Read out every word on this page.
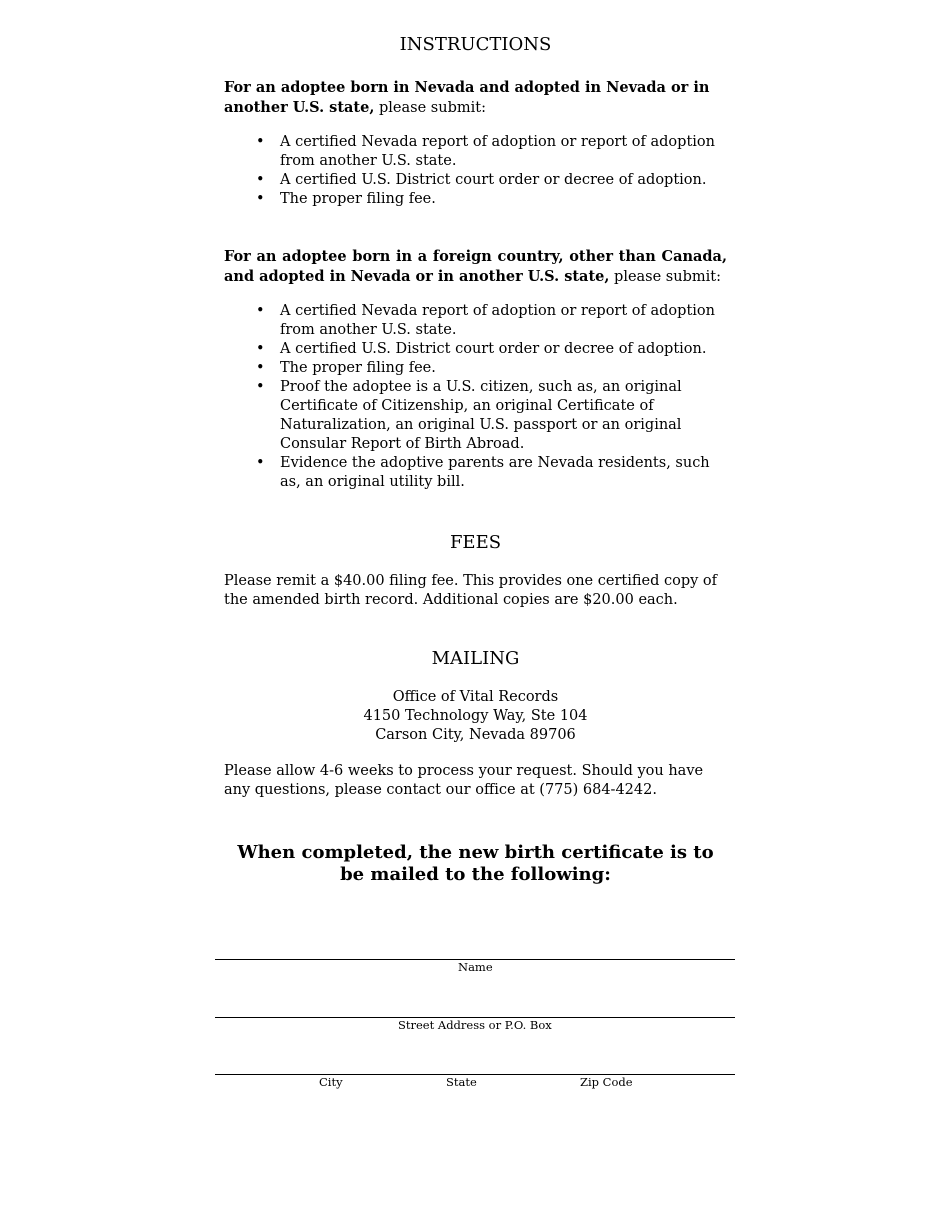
INSTRUCTIONS

For an adoptee born in Nevada and adopted in Nevada or in another U.S. state, please submit:

• A certified Nevada report of adoption or report of adoption from another U.S. state.
• A certified U.S. District court order or decree of adoption.
• The proper filing fee.

For an adoptee born in a foreign country, other than Canada, and adopted in Nevada or in another U.S. state, please submit:

• A certified Nevada report of adoption or report of adoption from another U.S. state.
• A certified U.S. District court order or decree of adoption.
• The proper filing fee.
• Proof the adoptee is a U.S. citizen, such as, an original Certificate of Citizenship, an original Certificate of Naturalization, an original U.S. passport or an original Consular Report of Birth Abroad.
• Evidence the adoptive parents are Nevada residents, such as, an original utility bill.
FEES

Please remit a $40.00 filing fee. This provides one certified copy of the amended birth record. Additional copies are $20.00 each.

MAILING
Office of Vital Records
4150 Technology Way, Ste 104
Carson City, Nevada 89706

Please allow 4-6 weeks to process your request. Should you have any questions, please contact our office at (775) 684-4242.

When completed, the new birth certificate is to be mailed to the following:
Name
Street Address or P.O. Box
City	State	Zip Code
